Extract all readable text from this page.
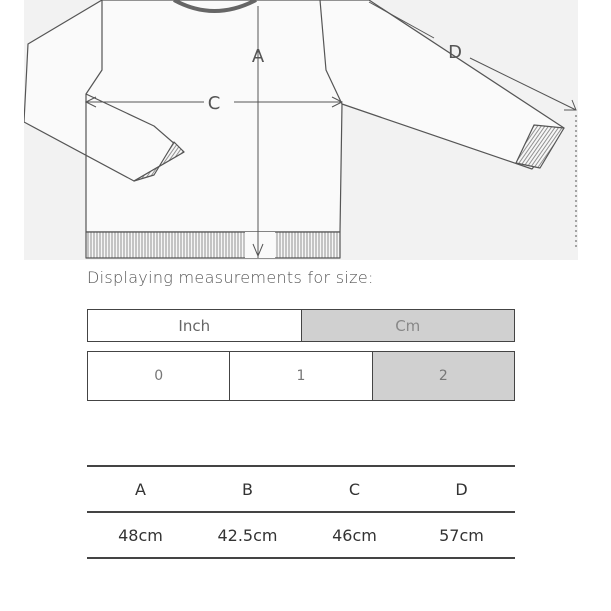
A
C
D
Displaying measurements for size:
Inch	Cm
0	1	2
A	B	C	D
48cm	42.5cm	46cm	57cm
